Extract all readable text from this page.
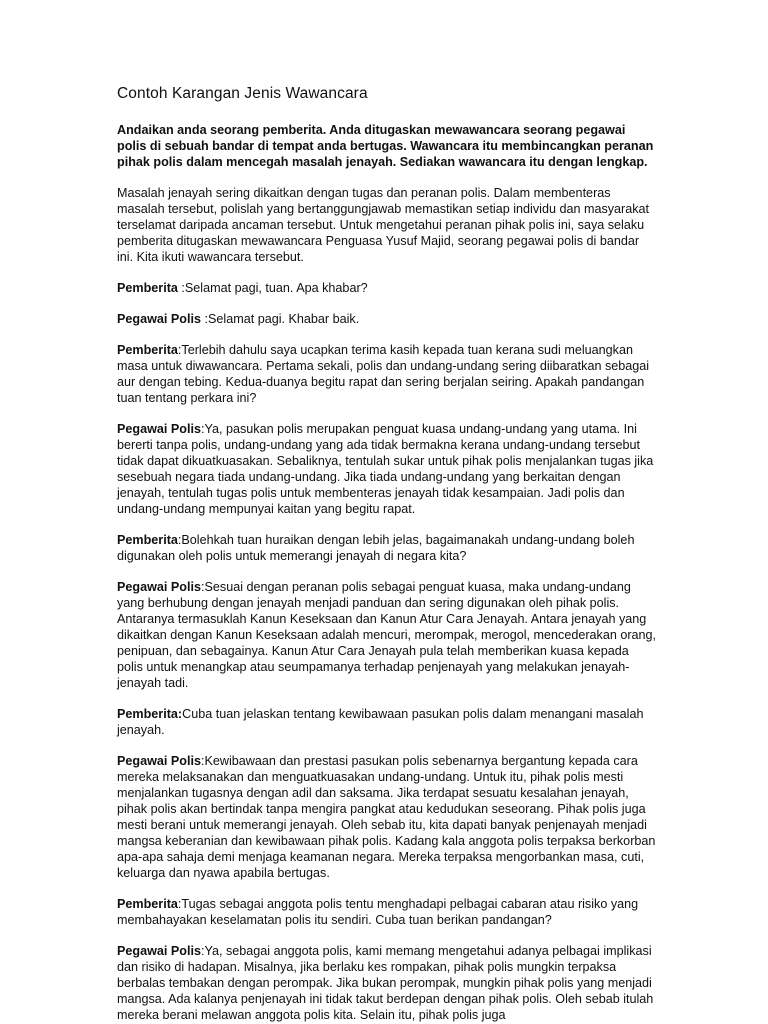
Contoh Karangan Jenis Wawancara

Andaikan anda seorang pemberita. Anda ditugaskan mewawancara seorang pegawai polis di sebuah bandar di tempat anda bertugas. Wawancara itu membincangkan peranan pihak polis dalam mencegah masalah jenayah. Sediakan wawancara itu dengan lengkap.

Masalah jenayah sering dikaitkan dengan tugas dan peranan polis. Dalam membenteras masalah tersebut, polislah yang bertanggungjawab memastikan setiap individu dan masyarakat terselamat daripada ancaman tersebut. Untuk mengetahui peranan pihak polis ini, saya selaku pemberita ditugaskan mewawancara Penguasa Yusuf Majid, seorang pegawai polis di bandar ini. Kita ikuti wawancara tersebut.

Pemberita :Selamat pagi, tuan. Apa khabar?

Pegawai Polis :Selamat pagi. Khabar baik.

Pemberita:Terlebih dahulu saya ucapkan terima kasih kepada tuan kerana sudi meluangkan masa untuk diwawancara. Pertama sekali, polis dan undang-undang sering diibaratkan sebagai aur dengan tebing. Kedua-duanya begitu rapat dan sering berjalan seiring. Apakah pandangan tuan tentang perkara ini?

Pegawai Polis:Ya, pasukan polis merupakan penguat kuasa undang-undang yang utama. Ini bererti tanpa polis, undang-undang yang ada tidak bermakna kerana undang-undang tersebut tidak dapat dikuatkuasakan. Sebaliknya, tentulah sukar untuk pihak polis menjalankan tugas jika sesebuah negara tiada undang-undang. Jika tiada undang-undang yang berkaitan dengan jenayah, tentulah tugas polis untuk membenteras jenayah tidak kesampaian. Jadi polis dan undang-undang mempunyai kaitan yang begitu rapat.

Pemberita:Bolehkah tuan huraikan dengan lebih jelas, bagaimanakah undang-undang boleh digunakan oleh polis untuk memerangi jenayah di negara kita?

Pegawai Polis:Sesuai dengan peranan polis sebagai penguat kuasa, maka undang-undang yang berhubung dengan jenayah menjadi panduan dan sering digunakan oleh pihak polis. Antaranya termasuklah Kanun Keseksaan dan Kanun Atur Cara Jenayah. Antara jenayah yang dikaitkan dengan Kanun Keseksaan adalah mencuri, merompak, merogol, mencederakan orang, penipuan, dan sebagainya. Kanun Atur Cara Jenayah pula telah memberikan kuasa kepada polis untuk menangkap atau seumpamanya terhadap penjenayah yang melakukan jenayah-jenayah tadi.

Pemberita:Cuba tuan jelaskan tentang kewibawaan pasukan polis dalam menangani masalah jenayah.

Pegawai Polis:Kewibawaan dan prestasi pasukan polis sebenarnya bergantung kepada cara mereka melaksanakan dan menguatkuasakan undang-undang. Untuk itu, pihak polis mesti menjalankan tugasnya dengan adil dan saksama. Jika terdapat sesuatu kesalahan jenayah, pihak polis akan bertindak tanpa mengira pangkat atau kedudukan seseorang. Pihak polis juga mesti berani untuk memerangi jenayah. Oleh sebab itu, kita dapati banyak penjenayah menjadi mangsa keberanian dan kewibawaan pihak polis. Kadang kala anggota polis terpaksa berkorban apa-apa sahaja demi menjaga keamanan negara. Mereka terpaksa mengorbankan masa, cuti, keluarga dan nyawa apabila bertugas.

Pemberita:Tugas sebagai anggota polis tentu menghadapi pelbagai cabaran atau risiko yang membahayakan keselamatan polis itu sendiri. Cuba tuan berikan pandangan?

Pegawai Polis:Ya, sebagai anggota polis, kami memang mengetahui adanya pelbagai implikasi dan risiko di hadapan. Misalnya, jika berlaku kes rompakan, pihak polis mungkin terpaksa berbalas tembakan dengan perompak. Jika bukan perompak, mungkin pihak polis yang menjadi mangsa. Ada kalanya penjenayah ini tidak takut berdepan dengan pihak polis. Oleh sebab itulah mereka berani melawan anggota polis kita. Selain itu, pihak polis juga
